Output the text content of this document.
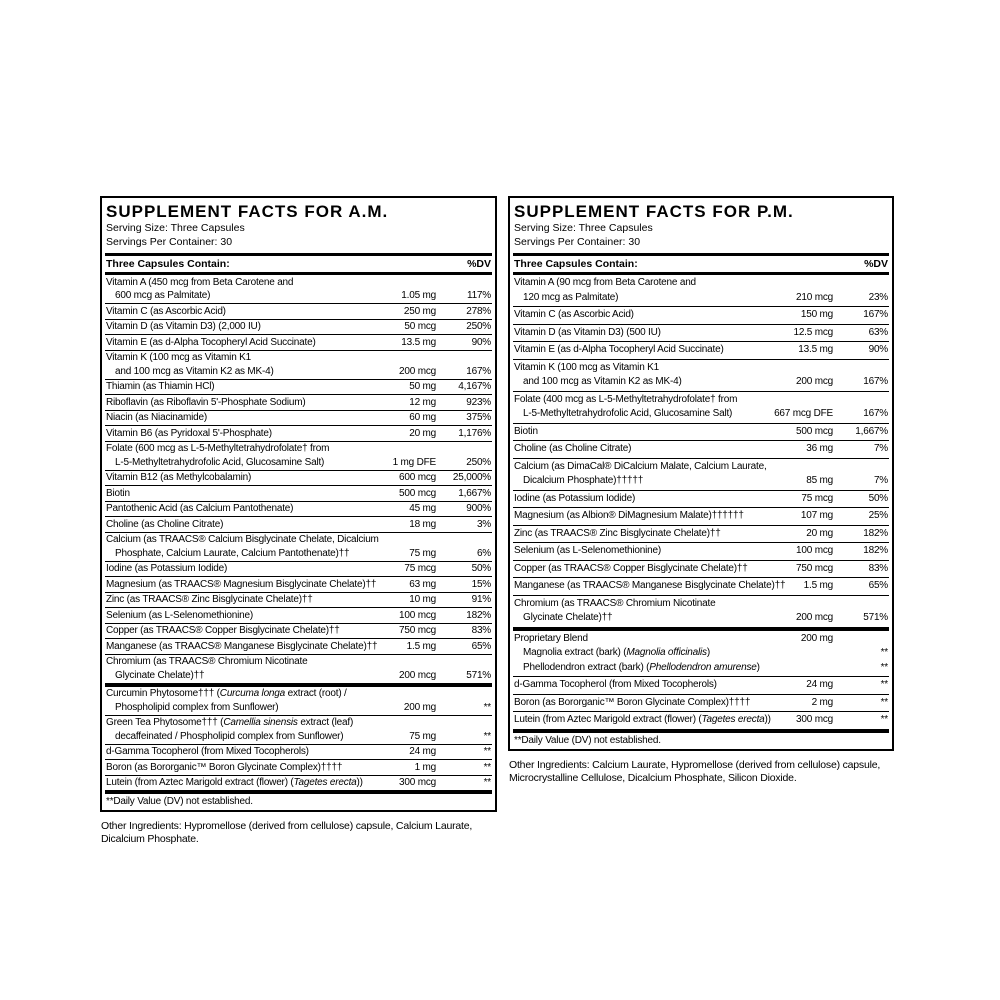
SUPPLEMENT FACTS FOR A.M.
Serving Size: Three Capsules
Servings Per Container: 30
Three Capsules Contain:	%DV
Vitamin A (450 mcg from Beta Carotene and
600 mcg as Palmitate)	1.05 mg	117%
Vitamin C (as Ascorbic Acid)	250 mg	278%
Vitamin D (as Vitamin D3) (2,000 IU)	50 mcg	250%
Vitamin E (as d-Alpha Tocopheryl Acid Succinate)	13.5 mg	90%
Vitamin K (100 mcg as Vitamin K1
and 100 mcg as Vitamin K2 as MK-4)	200 mcg	167%
Thiamin (as Thiamin HCl)	50 mg 4,167%
Riboflavin (as Riboflavin 5'-Phosphate Sodium)	12 mg	923%
Niacin (as Niacinamide)	60 mg	375%
Vitamin B6 (as Pyridoxal 5'-Phosphate)	20 mg 1,176%
Folate (600 mcg as L-5-Methyltetrahydrofolate† from
L-5-Methyltetrahydrofolic Acid, Glucosamine Salt)	1 mg DFE	250%
Vitamin B12 (as Methylcobalamin)	600 mcg 25,000%
Biotin	500 mcg 1,667%
Pantothenic Acid (as Calcium Pantothenate)	45 mg	900%
Choline (as Choline Citrate)	18 mg	3%
Calcium (as TRAACS® Calcium Bisglycinate Chelate, Dicalcium
Phosphate, Calcium Laurate, Calcium Pantothenate)††	75 mg	6%
Iodine (as Potassium Iodide)	75 mcg	50%
Magnesium (as TRAACS® Magnesium Bisglycinate Chelate)††	63 mg	15%
Zinc (as TRAACS® Zinc Bisglycinate Chelate)††	10 mg	91%
Selenium (as L-Selenomethionine)	100 mcg	182%
Copper (as TRAACS® Copper Bisglycinate Chelate)††	750 mcg	83%
Manganese (as TRAACS® Manganese Bisglycinate Chelate)††	1.5 mg	65%
Chromium (as TRAACS® Chromium Nicotinate
Glycinate Chelate)††	200 mcg	571%
Curcumin Phytosome††† (Curcuma longa extract (root) /
Phospholipid complex from Sunflower)	200 mg	**
Green Tea Phytosome††† (Camellia sinensis extract (leaf)
decaffeinated / Phospholipid complex from Sunflower)	75 mg	**
d-Gamma Tocopherol (from Mixed Tocopherols)	24 mg	**
Boron (as Bororganic™ Boron Glycinate Complex)††††	1 mg	**
Lutein (from Aztec Marigold extract (flower) (Tagetes erecta))	300 mcg	**
**Daily Value (DV) not established.
Other Ingredients: Hypromellose (derived from cellulose) capsule, Calcium Laurate, Dicalcium Phosphate.
SUPPLEMENT FACTS FOR P.M.
Serving Size: Three Capsules
Servings Per Container: 30
Three Capsules Contain:	%DV
Vitamin A (90 mcg from Beta Carotene and
120 mcg as Palmitate)	210 mcg	23%
Vitamin C (as Ascorbic Acid)	150 mg	167%
Vitamin D (as Vitamin D3) (500 IU)	12.5 mcg	63%
Vitamin E (as d-Alpha Tocopheryl Acid Succinate)	13.5 mg	90%
Vitamin K (100 mcg as Vitamin K1
and 100 mcg as Vitamin K2 as MK-4)	200 mcg	167%
Folate (400 mcg as L-5-Methyltetrahydrofolate† from
L-5-Methyltetrahydrofolic Acid, Glucosamine Salt)	667 mcg DFE	167%
Biotin	500 mcg 1,667%
Choline (as Choline Citrate)	36 mg	7%
Calcium (as DimaCal® DiCalcium Malate, Calcium Laurate,
Dicalcium Phosphate)†††††	85 mg	7%
Iodine (as Potassium Iodide)	75 mcg	50%
Magnesium (as Albion® DiMagnesium Malate)††††††	107 mg	25%
Zinc (as TRAACS® Zinc Bisglycinate Chelate)††	20 mg	182%
Selenium (as L-Selenomethionine)	100 mcg	182%
Copper (as TRAACS® Copper Bisglycinate Chelate)††	750 mcg	83%
Manganese (as TRAACS® Manganese Bisglycinate Chelate)†† 1.5 mg	65%
Chromium (as TRAACS® Chromium Nicotinate
Glycinate Chelate)††	200 mcg	571%
Proprietary Blend	200 mg
Magnolia extract (bark) (Magnolia officinalis)	**
Phellodendron extract (bark) (Phellodendron amurense)	**
d-Gamma Tocopherol (from Mixed Tocopherols)	24 mg	**
Boron (as Bororganic™ Boron Glycinate Complex)††††	2 mg	**
Lutein (from Aztec Marigold extract (flower) (Tagetes erecta))	300 mcg	**
**Daily Value (DV) not established.
Other Ingredients: Calcium Laurate, Hypromellose (derived from cellulose) capsule, Microcrystalline Cellulose, Dicalcium Phosphate, Silicon Dioxide.
